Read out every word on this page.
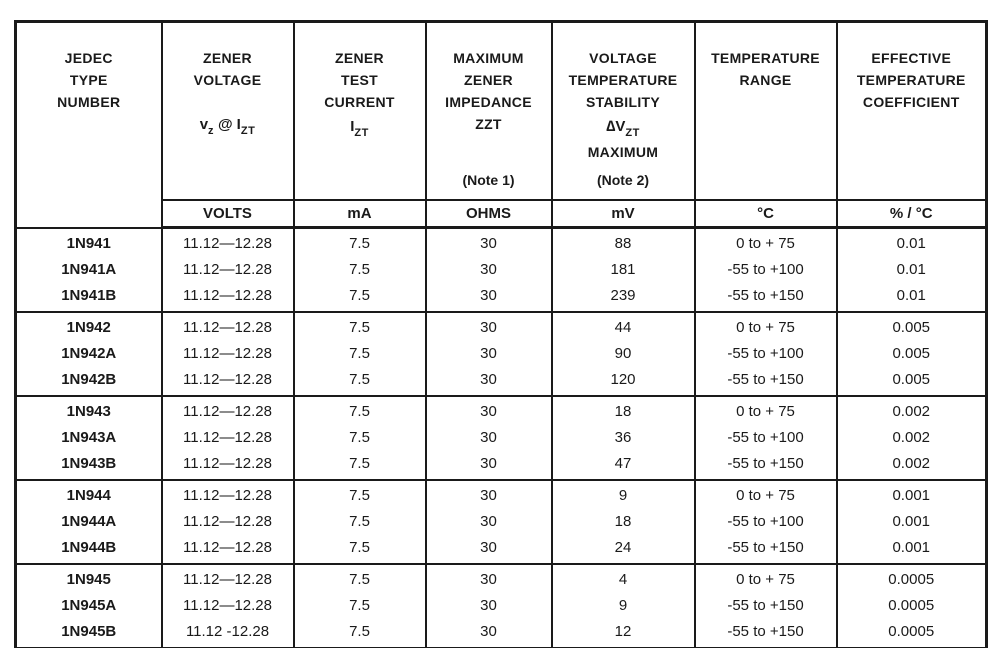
JEDEC
TYPE
NUMBER

ZENER
VOLTAGE
$v_z$ @ $I_{ZT}$

ZENER
TEST
CURRENT
$I_{ZT}$

MAXIMUM
ZENER
IMPEDANCE
ZZT
(Note 1)

VOLTAGE
TEMPERATURE
STABILITY
$\Delta V_{ZT}$
MAXIMUM
(Note 2)

TEMPERATURE
RANGE

EFFECTIVE
TEMPERATURE
COEFFICIENT

	VOLTS	mA	OHMS	mV	°C	% / °C
1N941	11.12—12.28	7.5	30	88	0 to + 75	0.01
1N941A	11.12—12.28	7.5	30	181	-55 to +100	0.01
1N941B	11.12—12.28	7.5	30	239	-55 to +150	0.01
1N942	11.12—12.28	7.5	30	44	0 to + 75	0.005
1N942A	11.12—12.28	7.5	30	90	-55 to +100	0.005
1N942B	11.12—12.28	7.5	30	120	-55 to +150	0.005
1N943	11.12—12.28	7.5	30	18	0 to + 75	0.002
1N943A	11.12—12.28	7.5	30	36	-55 to +100	0.002
1N943B	11.12—12.28	7.5	30	47	-55 to +150	0.002
1N944	11.12—12.28	7.5	30	9	0 to + 75	0.001
1N944A	11.12—12.28	7.5	30	18	-55 to +100	0.001
1N944B	11.12—12.28	7.5	30	24	-55 to +150	0.001
1N945	11.12—12.28	7.5	30	4	0 to + 75	0.0005
1N945A	11.12—12.28	7.5	30	9	-55 to +150	0.0005
1N945B	11.12 -12.28	7.5	30	12	-55 to +150	0.0005
